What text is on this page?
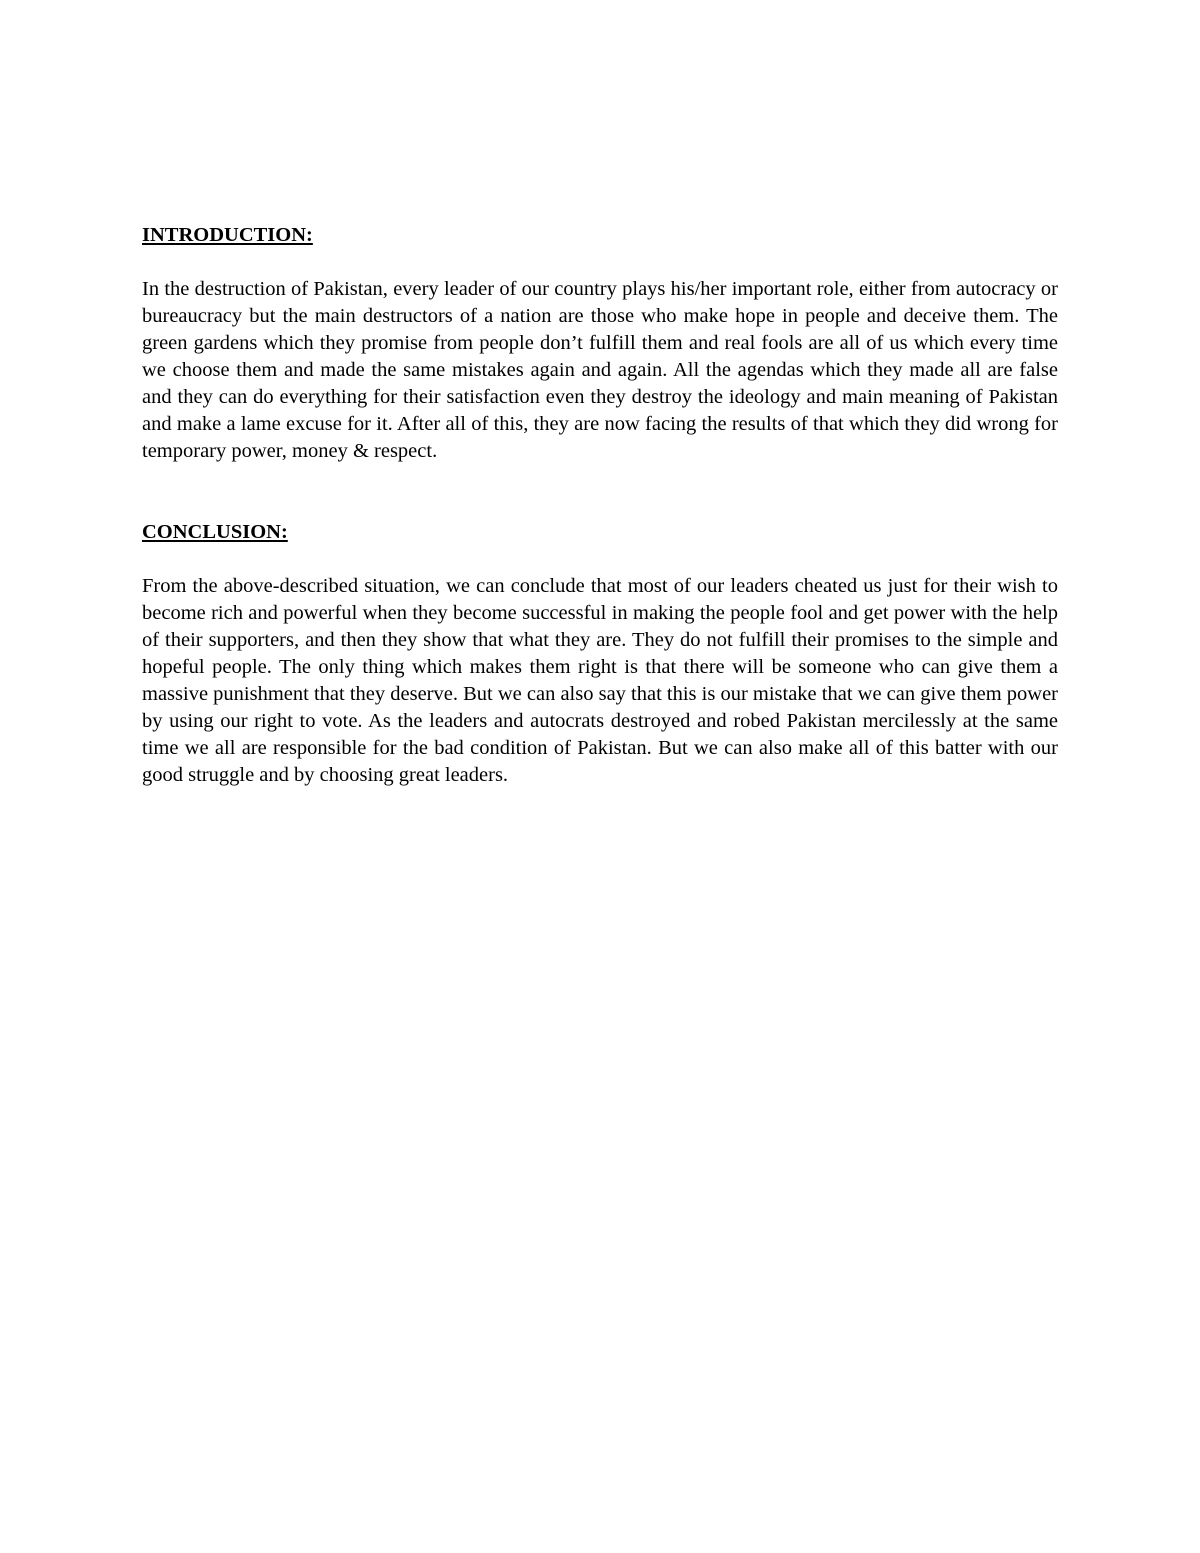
INTRODUCTION:

In the destruction of Pakistan, every leader of our country plays his/her important role, either from autocracy or bureaucracy but the main destructors of a nation are those who make hope in people and deceive them. The green gardens which they promise from people don’t fulfill them and real fools are all of us which every time we choose them and made the same mistakes again and again. All the agendas which they made all are false and they can do everything for their satisfaction even they destroy the ideology and main meaning of Pakistan and make a lame excuse for it. After all of this, they are now facing the results of that which they did wrong for temporary power, money & respect.

CONCLUSION:

From the above-described situation, we can conclude that most of our leaders cheated us just for their wish to become rich and powerful when they become successful in making the people fool and get power with the help of their supporters, and then they show that what they are. They do not fulfill their promises to the simple and hopeful people. The only thing which makes them right is that there will be someone who can give them a massive punishment that they deserve. But we can also say that this is our mistake that we can give them power by using our right to vote. As the leaders and autocrats destroyed and robed Pakistan mercilessly at the same time we all are responsible for the bad condition of Pakistan. But we can also make all of this batter with our good struggle and by choosing great leaders.
